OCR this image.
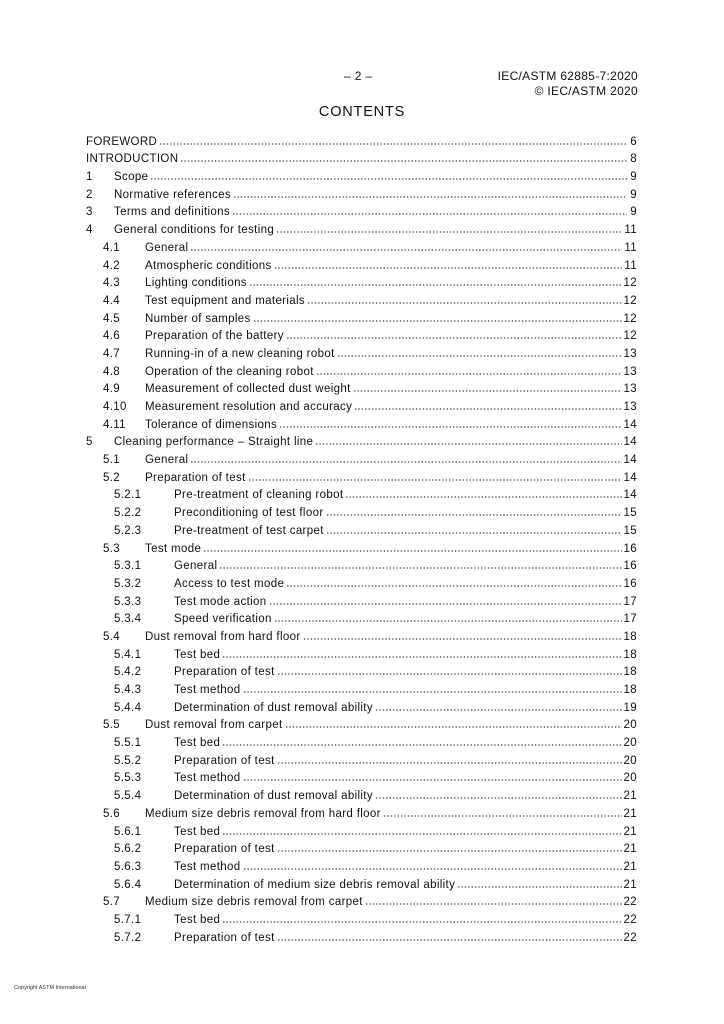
– 2 –	IEC/ASTM 62885-7:2020
© IEC/ASTM 2020
CONTENTS
FOREWORD	6
INTRODUCTION	8
1	Scope	9
2	Normative references	9
3	Terms and definitions	9
4	General conditions for testing	11
4.1	General	11
4.2	Atmospheric conditions	11
4.3	Lighting conditions	12
4.4	Test equipment and materials	12
4.5	Number of samples	12
4.6	Preparation of the battery	12
4.7	Running-in of a new cleaning robot	13
4.8	Operation of the cleaning robot	13
4.9	Measurement of collected dust weight	13
4.10	Measurement resolution and accuracy	13
4.11	Tolerance of dimensions	14
5	Cleaning performance – Straight line	14
5.1	General	14
5.2	Preparation of test	14
5.2.1	Pre-treatment of cleaning robot	14
5.2.2	Preconditioning of test floor	15
5.2.3	Pre-treatment of test carpet	15
5.3	Test mode	16
5.3.1	General	16
5.3.2	Access to test mode	16
5.3.3	Test mode action	17
5.3.4	Speed verification	17
5.4	Dust removal from hard floor	18
5.4.1	Test bed	18
5.4.2	Preparation of test	18
5.4.3	Test method	18
5.4.4	Determination of dust removal ability	19
5.5	Dust removal from carpet	20
5.5.1	Test bed	20
5.5.2	Preparation of test	20
5.5.3	Test method	20
5.5.4	Determination of dust removal ability	21
5.6	Medium size debris removal from hard floor	21
5.6.1	Test bed	21
5.6.2	Preparation of test	21
5.6.3	Test method	21
5.6.4	Determination of medium size debris removal ability	21
5.7	Medium size debris removal from carpet	22
5.7.1	Test bed	22
5.7.2	Preparation of test	22
Copyright ASTM International
